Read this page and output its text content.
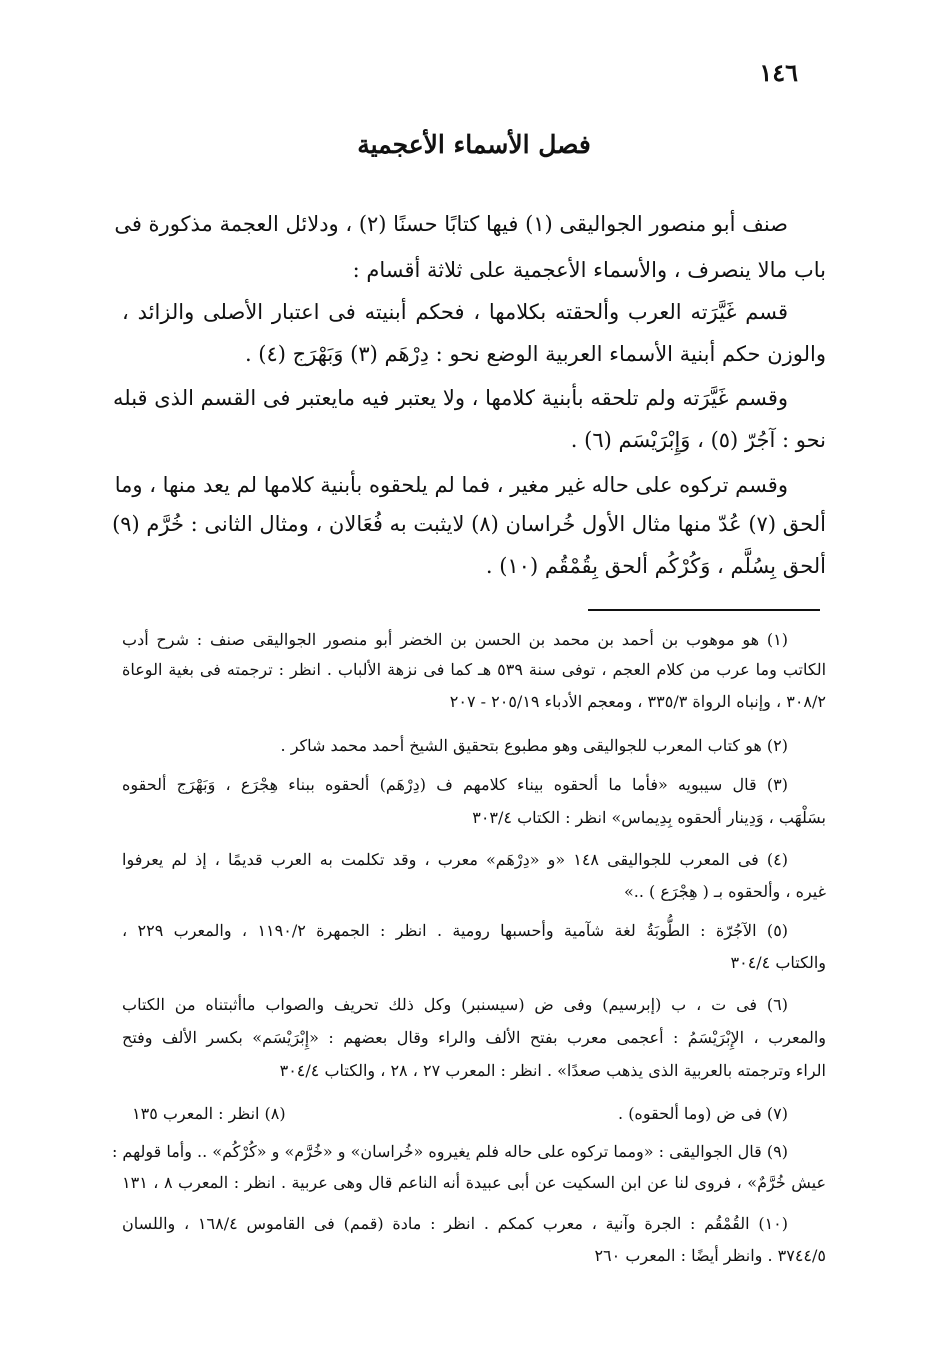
١٤٦
فصل الأسماء الأعجمية
صنف أبو منصور الجواليقى (١) فيها كتابًا حسنًا (٢) ، ودلائل العجمة مذكورة فى
باب مالا ينصرف ، والأسماء الأعجمية على ثلاثة أقسام :
قسم غَيَّرَته العرب وألحقته بكلامها ، فحكم أبنيته فى اعتبار الأصلى والزائد ،
والوزن حكم أبنية الأسماء العربية الوضع نحو : دِرْهَم (٣) وَبَهْرَج (٤) .
وقسم غَيَّرَته ولم تلحقه بأبنية كلامها ، ولا يعتبر فيه مايعتبر فى القسم الذى قبله
نحو : آجُرّ (٥) ، وَإِبْرَيْسَم (٦) .
وقسم تركوه على حاله غير مغير ، فما لم يلحقوه بأبنية كلامها لم يعد منها ، وما
ألحق (٧) عُدّ منها مثال الأول خُراسان (٨) لايثبت به فُعَالان ، ومثال الثانى : خُرَّم (٩)
ألحق بِسُلَّم ، وَكُرْكُم ألحق بِقُمْقُم (١٠) .
(١) هو موهوب بن أحمد بن محمد بن الحسن بن الخضر أبو منصور الجواليقى صنف : شرح أدب
الكاتب وما عرب من كلام العجم ، توفى سنة ٥٣٩ هـ كما فى نزهة الألباب . انظر : ترجمته فى بغية الوعاة
٣٠٨/٢ ، وإنباه الرواة ٣٣٥/٣ ، ومعجم الأدباء ٢٠٥/١٩ - ٢٠٧
(٢) هو كتاب المعرب للجواليقى وهو مطبوع بتحقيق الشيخ أحمد محمد شاكر .
(٣) قال سيبويه «فأما ما ألحقوه بيناء كلامهم ف (دِرْهَم) ألحقوه ببناء هِجْرَع ، وَبَهْرَج ألحقوه
بسَلْهَب ، وَدِينار ألحقوه بِدِيماس» انظر : الكتاب ٣٠٣/٤
(٤) فى المعرب للجواليقى ١٤٨ «و «دِرْهَم» معرب ، وقد تكلمت به العرب قديمًا ، إذ لم يعرفوا
غيره ، وألحقوه بـ ( هِجْرَع ) ..»
(٥) الآجُرّة : الطُّوبَةُ لغة شآمية وأحسبها رومية . انظر : الجمهرة ١١٩٠/٢ ، والمعرب ٢٢٩ ،
والكتاب ٣٠٤/٤
(٦) فى ت ، ب (إبرسيم) وفى ض (سيسنبر) وكل ذلك تحريف والصواب ماأثبتناه من الكتاب
والمعرب ، الإِبْرَيْسَمُ : أعجمى معرب بفتح الألف والراء وقال بعضهم : «إِبْرَيْسَم» بكسر الألف وفتح
الراء وترجمته بالعربية الذى يذهب صعدًا» . انظر : المعرب ٢٧ ، ٢٨ ، والكتاب ٣٠٤/٤
(٧) فى ض (وما ألحقوه) .
(٨) انظر : المعرب ١٣٥
(٩) قال الجواليقى : «ومما تركوه على حاله فلم يغيروه «خُراسان» و «خُرَّم» و «كُرْكُم» .. وأما قولهم :
عيش خُرَّمٌ» ، فروى لنا عن ابن السكيت عن أبى عبيدة أنه الناعم قال وهى عربية . انظر : المعرب ٨ ، ١٣١
(١٠) القُمْقُم : الجرة وآنية ، معرب كمكم . انظر : مادة (قمم) فى القاموس ١٦٨/٤ ، واللسان
٣٧٤٤/٥ . وانظر أيضًا : المعرب ٢٦٠
